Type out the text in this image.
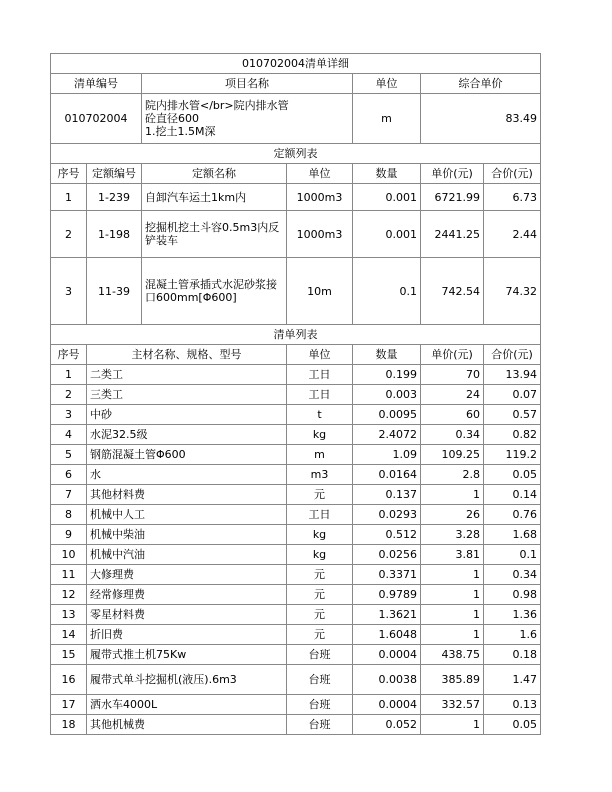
010702004清单详细						
清单编号		项目名称		单位	综合单价	
010702004		院内排水管</br>院内排水管
砼直径600
1.挖土1.5M深		m	83.49	
定额列表						
序号	定额编号	定额名称	单位	数量	单价(元)	合价(元)
1	1-239	自卸汽车运土1km内	1000m3	0.001	6721.99	6.73
2	1-198	挖掘机挖土斗容0.5m3内反铲装车	1000m3	0.001	2441.25	2.44
3	11-39	混凝土管承插式水泥砂浆接口600mm[Φ600]	10m	0.1	742.54	74.32
清单列表						
序号	主材名称、规格、型号		单位	数量	单价(元)	合价(元)
1	二类工		工日	0.199	70	13.94
2	三类工		工日	0.003	24	0.07
3	中砂		t	0.0095	60	0.57
4	水泥32.5级		kg	2.4072	0.34	0.82
5	钢筋混凝土管Φ600		m	1.09	109.25	119.2
6	水		m3	0.0164	2.8	0.05
7	其他材料费		元	0.137	1	0.14
8	机械中人工		工日	0.0293	26	0.76
9	机械中柴油		kg	0.512	3.28	1.68
10	机械中汽油		kg	0.0256	3.81	0.1
11	大修理费		元	0.3371	1	0.34
12	经常修理费		元	0.9789	1	0.98
13	零星材料费		元	1.3621	1	1.36
14	折旧费		元	1.6048	1	1.6
15	履带式推土机75Kw		台班	0.0004	438.75	0.18
16	履带式单斗挖掘机(液压).6m3		台班	0.0038	385.89	1.47
17	洒水车4000L		台班	0.0004	332.57	0.13
18	其他机械费		台班	0.052	1	0.05
